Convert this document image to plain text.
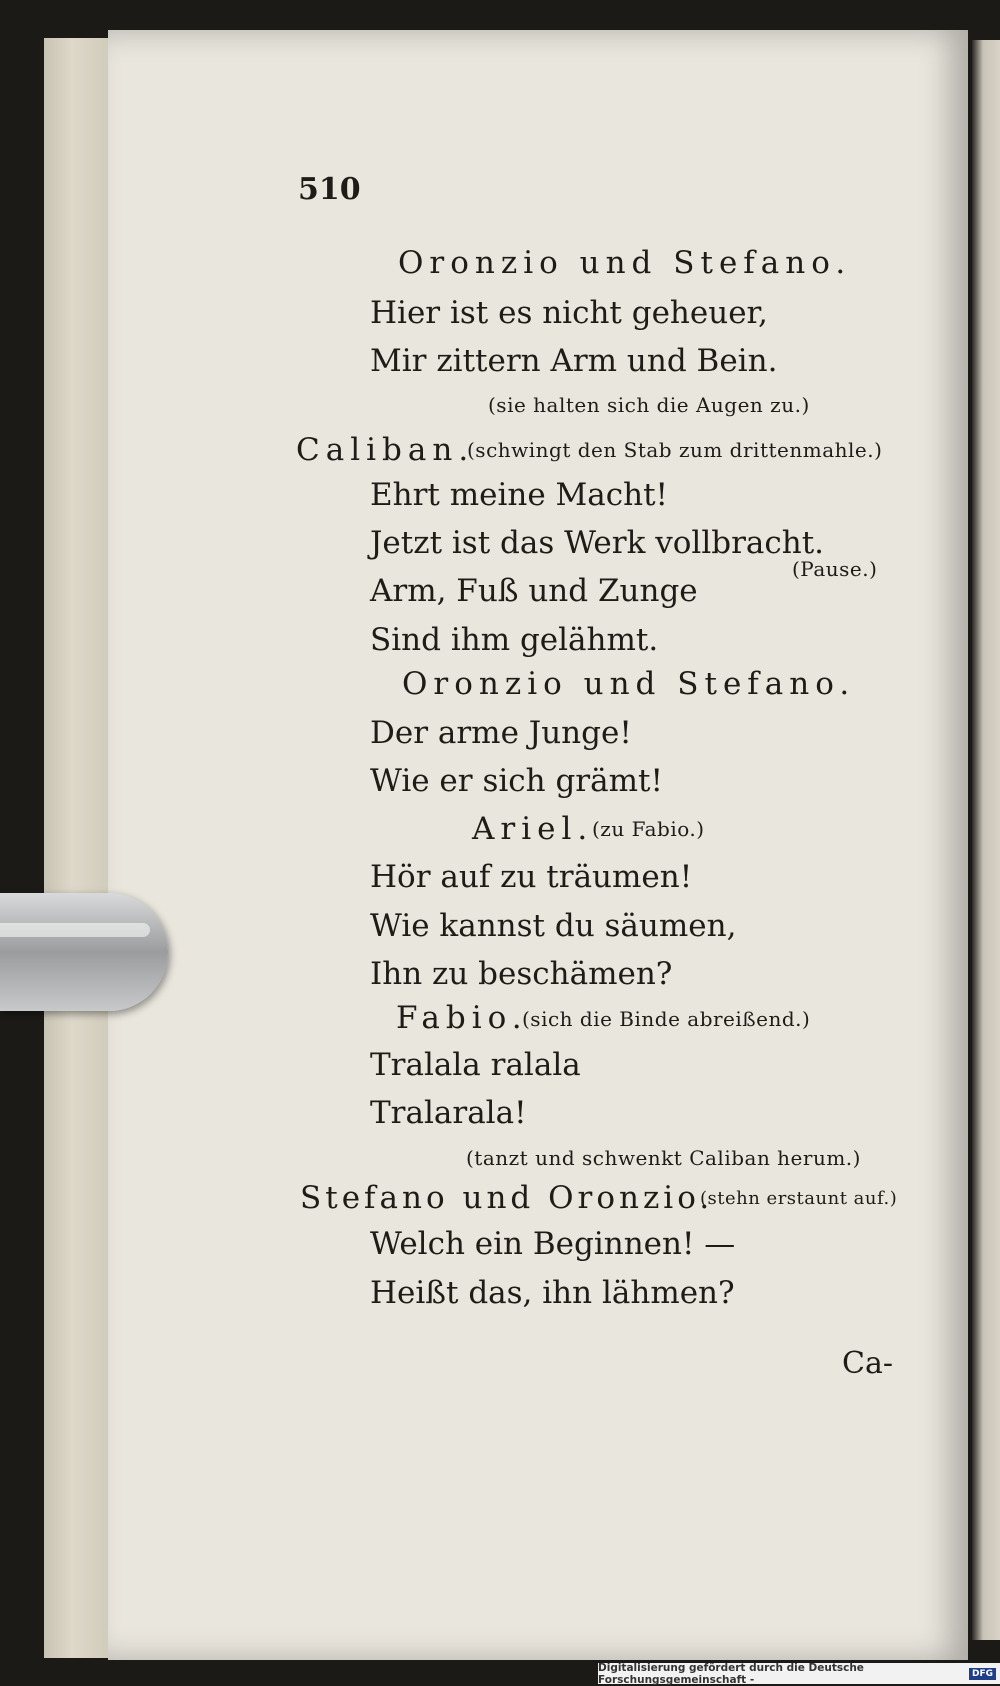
510
Oronzio und Stefano.
Hier ist es nicht geheuer,
Mir zittern Arm und Bein.
(sie halten sich die Augen zu.)
Caliban.
(schwingt den Stab zum drittenmahle.)
Ehrt meine Macht!
Jetzt ist das Werk vollbracht.
(Pause.)
Arm, Fuß und Zunge
Sind ihm gelähmt.
Oronzio und Stefano.
Der arme Junge!
Wie er sich grämt!
Ariel.
(zu Fabio.)
Hör auf zu träumen!
Wie kannst du säumen,
Ihn zu beschämen?
Fabio.
(sich die Binde abreißend.)
Tralala ralala
Tralarala!
(tanzt und schwenkt Caliban herum.)
Stefano und Oronzio.
(stehn erstaunt auf.)
Welch ein Beginnen! —
Heißt das, ihn lähmen?
Ca-
Digitalisierung gefördert durch die Deutsche Forschungsgemeinschaft -	DFG
